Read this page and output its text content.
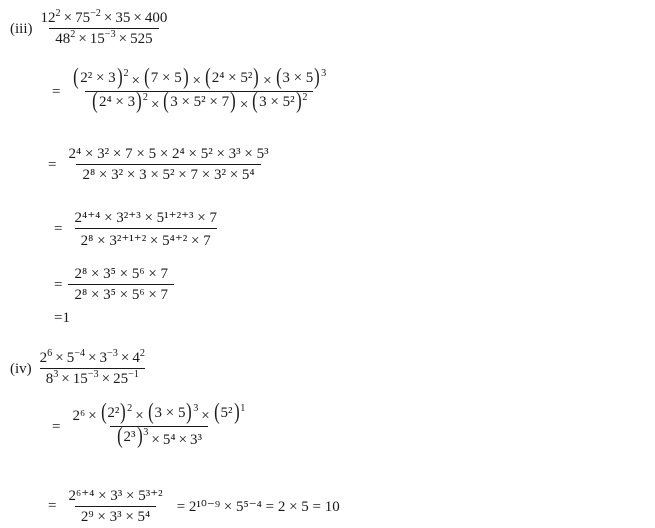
$(iii) \frac{12^2 \times 75^{-2} \times 35 \times 400}{48^2 \times 15^{-3} \times 525}$
= $\frac{\text{( 2² × 3 ) 2 × ( 7 × 5 ) × ( 2⁴ × 5² ) × ( 3 × 5 ) 3}}{\text{( 2⁴ × 3 ) 2 × ( 3 × 5² × 7 ) × ( 3 × 5² ) 2}}$
= $\frac{\text{2⁴ × 3² × 7 × 5 × 2⁴ × 5² × 3³ × 5³}}{\text{2⁸ × 3² × 3 × 5² × 7 × 3² × 5⁴}}$
= $\frac{\text{2⁴⁺⁴ × 3²⁺³ × 5¹⁺²⁺³ × 7}}{\text{2⁸ × 3²⁺¹⁺² × 5⁴⁺² × 7}}$
= $\frac{\text{2⁸ × 3⁵ × 5⁶ × 7}}{\text{2⁸ × 3⁵ × 5⁶ × 7}}$
=1
$(iv) \frac{2^6 \times 5^{-4} \times 3^{-3} \times 4^2}{8^3 \times 15^{-3} \times 25^{-1}}$
= $\frac{\text{2⁶ × ( 2² ) 2 × ( 3 × 5 ) 3 × ( 5² ) 1}}{\text{( 2³ ) 3 × 5⁴ × 3³}}$
= $\frac{\text{2⁶⁺⁴ × 3³ × 5³⁺²}}{\text{2⁹ × 3³ × 5⁴}} = 2^{10-9} \times 5^{5-4} = 2 \times 5 = 10$
